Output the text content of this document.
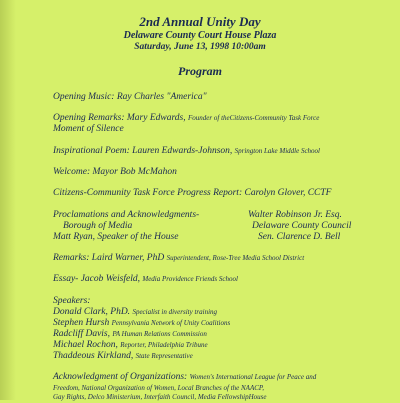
2nd Annual Unity Day
Delaware County Court House Plaza
Saturday, June 13, 1998 10:00am
Program
Opening Music: Ray Charles "America"
Opening Remarks: Mary Edwards, Founder of theCitizens-Community Task Force
Moment of Silence
Inspirational Poem: Lauren Edwards-Johnson, Springton Lake Middle School
Welcome: Mayor Bob McMahon
Citizens-Community Task Force Progress Report: Carolyn Glover, CCTF
Proclamations and Acknowledgments-	Walter Robinson Jr. Esq.
Borough of Media	Delaware County Council
Matt Ryan, Speaker of the House	Sen. Clarence D. Bell
Remarks: Laird Warner, PhD Superintendent, Rose-Tree Media School District
Essay- Jacob Weisfeld, Media Providence Friends School
Speakers:
Donald Clark, PhD. Specialist in diversity training
Stephen Hursh Pennsylvania Network of Unity Coalitions
Radcliff Davis, PA Human Relations Commission
Michael Rochon, Reporter, Philadelphia Tribune
Thaddeous Kirkland, State Representative
Acknowledgment of Organizations: Women's International League for Peace and
Freedom, National Organization of Women, Local Branches of the NAACP,
Gay Rights, Delco Ministerium, Interfaith Council, Media FellowshipHouse
